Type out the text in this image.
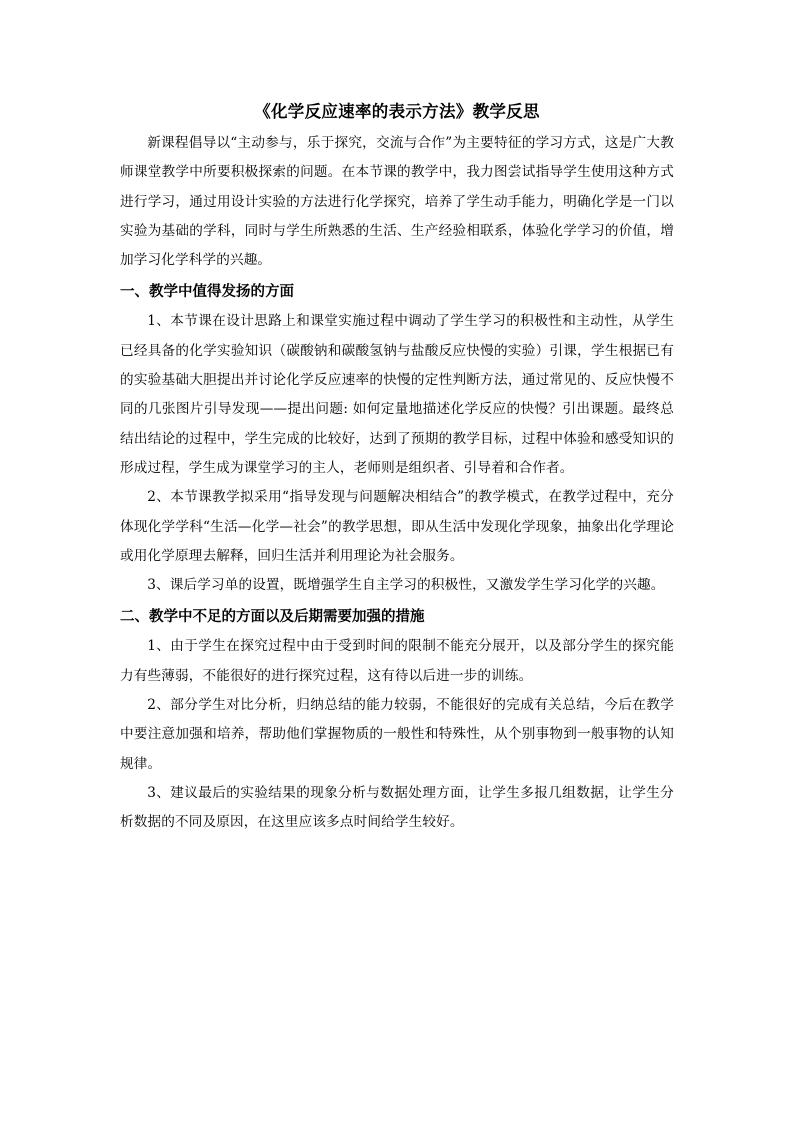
《化学反应速率的表示方法》教学反思

新课程倡导以“主动参与，乐于探究，交流与合作”为主要特征的学习方式，这是广大教师课堂教学中所要积极探索的问题。在本节课的教学中，我力图尝试指导学生使用这种方式进行学习，通过用设计实验的方法进行化学探究，培养了学生动手能力，明确化学是一门以实验为基础的学科，同时与学生所熟悉的生活、生产经验相联系，体验化学学习的价值，增加学习化学科学的兴趣。

一、教学中值得发扬的方面

1、本节课在设计思路上和课堂实施过程中调动了学生学习的积极性和主动性，从学生已经具备的化学实验知识（碳酸钠和碳酸氢钠与盐酸反应快慢的实验）引课，学生根据已有的实验基础大胆提出并讨论化学反应速率的快慢的定性判断方法，通过常见的、反应快慢不同的几张图片引导发现——提出问题: 如何定量地描述化学反应的快慢？引出课题。最终总结出结论的过程中，学生完成的比较好，达到了预期的教学目标，过程中体验和感受知识的形成过程，学生成为课堂学习的主人，老师则是组织者、引导着和合作者。

2、本节课教学拟采用“指导发现与问题解决相结合”的教学模式，在教学过程中，充分体现化学学科“生活—化学—社会”的教学思想，即从生活中发现化学现象，抽象出化学理论或用化学原理去解释，回归生活并利用理论为社会服务。

3、课后学习单的设置，既增强学生自主学习的积极性，又激发学生学习化学的兴趣。

二、教学中不足的方面以及后期需要加强的措施

1、由于学生在探究过程中由于受到时间的限制不能充分展开，以及部分学生的探究能力有些薄弱，不能很好的进行探究过程，这有待以后进一步的训练。

2、部分学生对比分析，归纳总结的能力较弱，不能很好的完成有关总结，今后在教学中要注意加强和培养，帮助他们掌握物质的一般性和特殊性，从个别事物到一般事物的认知规律。

3、建议最后的实验结果的现象分析与数据处理方面，让学生多报几组数据，让学生分析数据的不同及原因，在这里应该多点时间给学生较好。
